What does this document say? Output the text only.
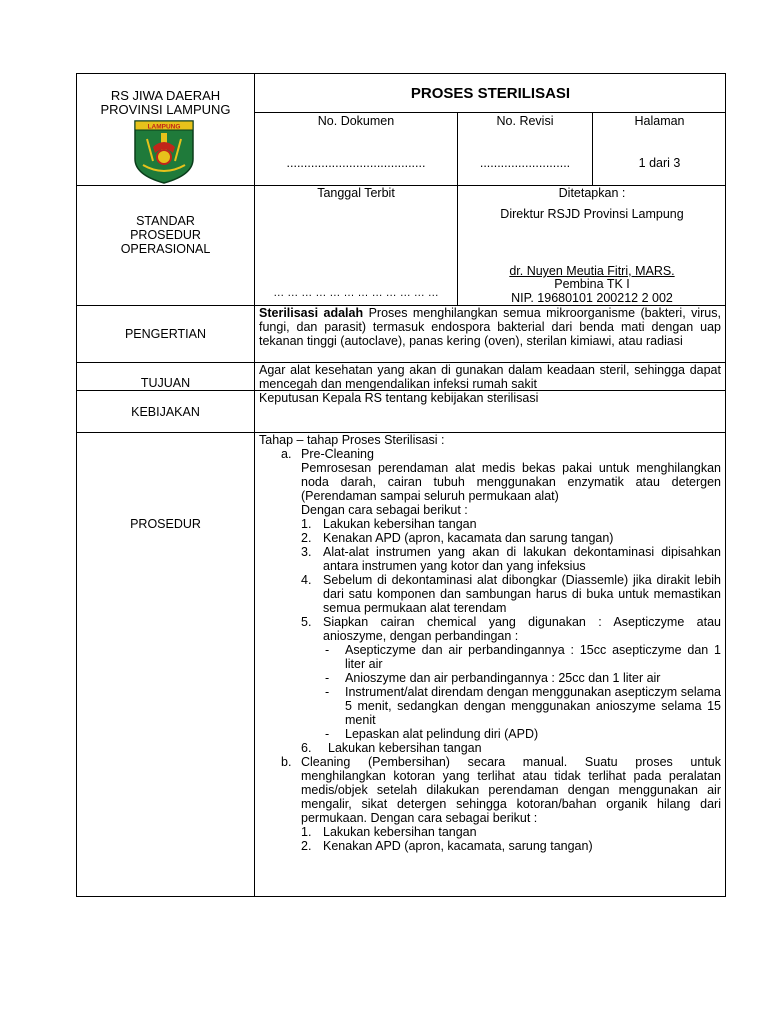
RS JIWA DAERAH
PROVINSI LAMPUNG
LAMPUNG
PROSES STERILISASI
No. Dokumen
........................................
No. Revisi
..........................
Halaman
1 dari 3
STANDAR
PROSEDUR
OPERASIONAL
Tanggal Terbit
… … … … … … … … … … … …
Ditetapkan :
Direktur RSJD Provinsi Lampung
dr. Nuyen Meutia Fitri, MARS.
Pembina TK I
NIP. 19680101 200212 2 002
PENGERTIAN
Sterilisasi adalah Proses menghilangkan semua mikroorganisme (bakteri, virus, fungi, dan parasit) termasuk endospora bakterial dari benda mati dengan uap tekanan tinggi (autoclave), panas kering (oven), sterilan kimiawi, atau radiasi
TUJUAN
Agar alat kesehatan yang akan di gunakan dalam keadaan steril, sehingga dapat mencegah dan mengendalikan infeksi rumah sakit
KEBIJAKAN
Keputusan Kepala RS tentang kebijakan sterilisasi
PROSEDUR
Tahap – tahap Proses Sterilisasi :
a. Pre-Cleaning
Pemrosesan perendaman alat medis bekas pakai untuk menghilangkan noda darah, cairan tubuh menggunakan enzymatik atau detergen (Perendaman sampai seluruh permukaan alat)
Dengan cara sebagai berikut :
1. Lakukan kebersihan tangan
2. Kenakan APD (apron, kacamata dan sarung tangan)
3. Alat-alat instrumen yang akan di lakukan dekontaminasi dipisahkan antara instrumen yang kotor dan yang infeksius
4. Sebelum di dekontaminasi alat dibongkar (Diassemle) jika dirakit lebih dari satu komponen dan sambungan harus di buka untuk memastikan semua permukaan alat terendam
5. Siapkan cairan chemical yang digunakan : Asepticzyme atau anioszyme, dengan perbandingan :
- Asepticzyme dan air perbandingannya : 15cc asepticzyme dan 1 liter air
- Anioszyme dan air perbandingannya : 25cc dan 1 liter air
- Instrument/alat direndam dengan menggunakan asepticzym selama 5 menit, sedangkan dengan menggunakan anioszyme selama 15 menit
- Lepaskan alat pelindung diri (APD)
6. Lakukan kebersihan tangan
b. Cleaning (Pembersihan) secara manual. Suatu proses untuk menghilangkan kotoran yang terlihat atau tidak terlihat pada peralatan medis/objek setelah dilakukan perendaman dengan menggunakan air mengalir, sikat detergen sehingga kotoran/bahan organik hilang dari permukaan. Dengan cara sebagai berikut :
1. Lakukan kebersihan tangan
2. Kenakan APD (apron, kacamata, sarung tangan)
